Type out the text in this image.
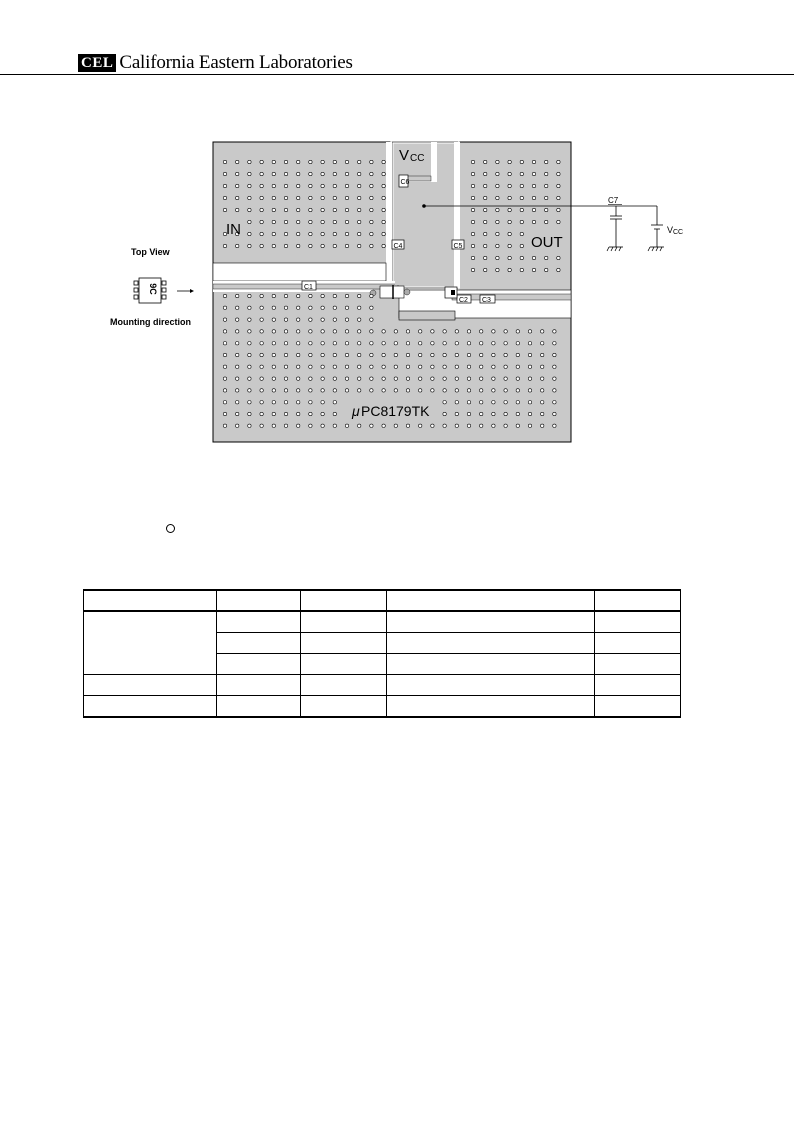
CEL California Eastern Laboratories
C6
C4	C5
C1
C2 C3
V CC
IN
OUT
μ PC8179TK
C7
V CC
Top View
9C
Mounting direction
